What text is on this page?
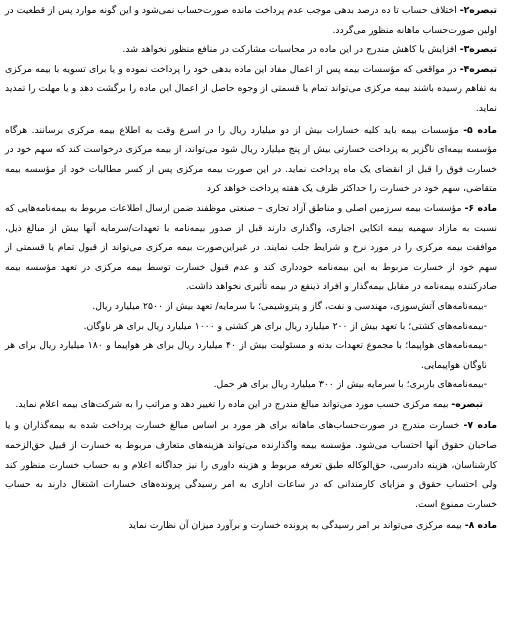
تبصره۲- اختلاف حساب تا ده درصد بدهی موجب عدم پرداخت مانده صورت‌حساب نمی‌شود و این گونه موارد پس از قطعیت در اولین صورت‌حساب ماهانه منظور می‌گردد.

تبصره۳- افزایش یا کاهش مندرج در این ماده در محاسبات مشارکت در منافع منظور نخواهد شد.

تبصره۴- در مواقعی که مؤسسات بیمه پس از اعمال مفاد این ماده بدهی خود را پرداخت نموده و یا برای تسویه با بیمه مرکزی به تفاهم رسیده باشند بیمه مرکزی می‌تواند تمام یا قسمتی از وجوه حاصل از اعمال این ماده را برگشت دهد و یا مهلت را تمدید نماید.

ماده ۵- مؤسسات بیمه باید کلیه خسارات بیش از دو میلیارد ریال را در اسرع وقت به اطلاع بیمه مرکزی برسانند. هرگاه مؤسسه بیمه‌ای ناگزیر به پرداخت خسارتی بیش از پنج میلیارد ریال شود می‌تواند، از بیمه مرکزی درخواست کند که سهم خود در خسارت فوق را قبل از انقضای یک ماه پرداخت نماید. در این صورت بیمه مرکزی پس از کسر مطالبات خود از مؤسسه بیمه متقاضی، سهم خود در خسارت را حداکثر ظرف یک هفته پرداخت خواهد کرد

ماده ۶- مؤسسات بیمه سرزمین اصلی و مناطق آزاد تجاری – صنعتی موظفند ضمن ارسال اطلاعات مربوط به بیمه‌نامه‌هایی که نسبت به مازاد سهمیه بیمه اتکایی اجباری، واگذاری دارند قبل از صدور بیمه‌نامه با تعهدات/سرمایه آنها بیش از مبالغ ذیل، موافقت بیمه مرکزی را در مورد نرخ و شرایط جلب نمایند. در غیراین‌صورت بیمه مرکزی می‌تواند از قبول تمام یا قسمتی از سهم خود از خسارت مربوط به این بیمه‌نامه خودداری کند و عدم قبول خسارت توسط بیمه مرکزی در تعهد مؤسسه بیمه صادرکننده بیمه‌نامه در مقابل بیمه‌گذار و افراد ذینفع در بیمه تأثیری نخواهد داشت.

- بیمه‌نامه‌های آتش‌سوزی، مهندسی و نفت، گاز و پتروشیمی؛ با سرمایه/ تعهد بیش از ۲۵۰۰ میلیارد ریال.
- بیمه‌نامه‌های کشتی؛ با تعهد بیش از ۲۰۰ میلیارد ریال برای هر کشتی و ۱۰۰۰ میلیارد ریال برای هر ناوگان.
- بیمه‌نامه‌های هواپیما؛ با مجموع تعهدات بدنه و مسئولیت بیش از ۴۰ میلیارد ریال برای هر هواپیما و ۱۸۰ میلیارد ریال برای هر ناوگان هواپیمایی.
- بیمه‌نامه‌های باربری؛ با سرمایه بیش از ۳۰۰ میلیارد ریال برای هر حمل.

تبصره- بیمه مرکزی حسب مورد می‌تواند مبالغ مندرج در این ماده را تغییر دهد و مراتب را به شرکت‌های بیمه اعلام نماید.

ماده ۷- خسارت مندرج در صورت‌حساب‌های ماهانه برای هر مورد بر اساس مبالغ خسارت پرداخت شده به بیمه‌گذاران و یا صاحبان حقوق آنها احتساب می‌شود. مؤسسه بیمه واگذارنده می‌تواند هزینه‌های متعارف مربوط به خسارت از قبیل حق‌الزحمه کارشناسان، هزینه دادرسی، حق‌الوکاله طبق تعرفه مربوط و هزینه داوری را نیز جداگانه اعلام و به حساب خسارت منظور کند ولی احتساب حقوق و مزایای کارمندانی که در ساعات اداری به امر رسیدگی پرونده‌های خسارات اشتغال دارند به حساب خسارت ممنوع است.

ماده ۸- بیمه مرکزی می‌تواند بر امر رسیدگی به پرونده خسارت و برآورد میزان آن نظارت نماید
